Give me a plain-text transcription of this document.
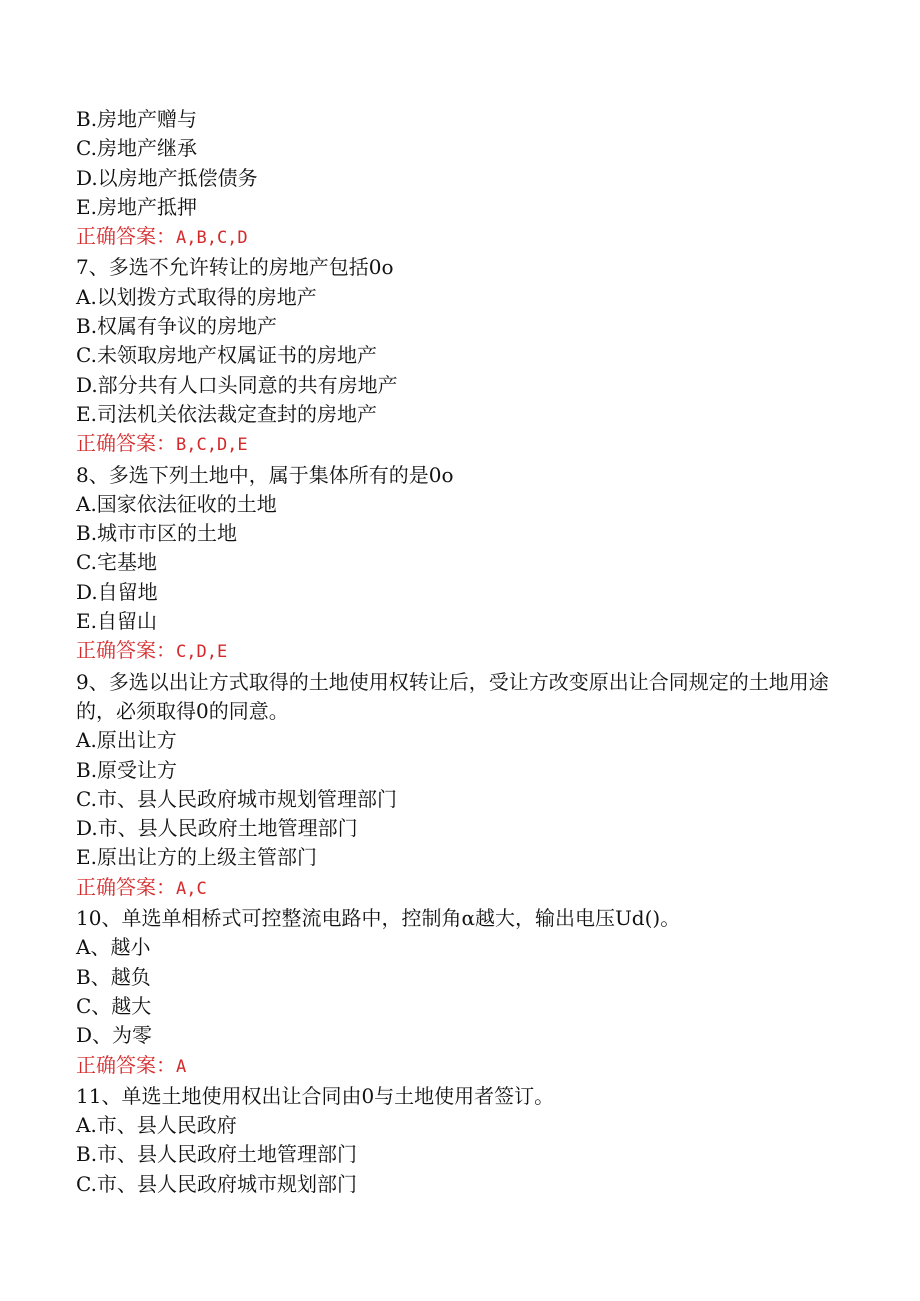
B.房地产赠与
C.房地产继承
D.以房地产抵偿债务
E.房地产抵押
正确答案：A,B,C,D
7、多选不允许转让的房地产包括0o
A.以划拨方式取得的房地产
B.权属有争议的房地产
C.未领取房地产权属证书的房地产
D.部分共有人口头同意的共有房地产
E.司法机关依法裁定查封的房地产
正确答案：B,C,D,E
8、多选下列土地中，属于集体所有的是0o
A.国家依法征收的土地
B.城市市区的土地
C.宅基地
D.自留地
E.自留山
正确答案：C,D,E
9、多选以出让方式取得的土地使用权转让后，受让方改变原出让合同规定的土地用途的，必须取得0的同意。
A.原出让方
B.原受让方
C.市、县人民政府城市规划管理部门
D.市、县人民政府土地管理部门
E.原出让方的上级主管部门
正确答案：A,C
10、单选单相桥式可控整流电路中，控制角α越大，输出电压Ud()。
A、越小
B、越负
C、越大
D、为零
正确答案：A
11、单选土地使用权出让合同由0与土地使用者签订。
A.市、县人民政府
B.市、县人民政府土地管理部门
C.市、县人民政府城市规划部门
